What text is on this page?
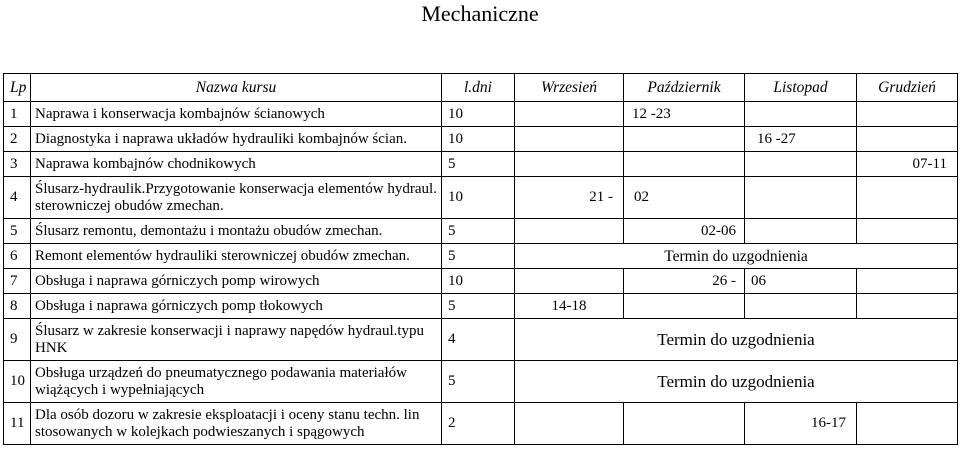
Mechaniczne
Lp	Nazwa kursu	l.dni	Wrzesień	Październik	Listopad	Grudzień
1	Naprawa i konserwacja kombajnów ścianowych	10		12 -23		
2	Diagnostyka i naprawa układów hydrauliki kombajnów ścian.	10			16 -27	
3	Naprawa kombajnów chodnikowych	5				07-11
4	Ślusarz-hydraulik.Przygotowanie konserwacja elementów hydraul. sterowniczej obudów zmechan.	10	21 -	02		
5	Ślusarz remontu, demontażu i montażu obudów zmechan.	5		02-06		
6	Remont elementów hydrauliki sterowniczej obudów zmechan.	5	Termin do uzgodnienia			
7	Obsługa i naprawa górniczych pomp wirowych	10		26 -	06	
8	Obsługa i naprawa górniczych pomp tłokowych	5	14-18			
9	Ślusarz w zakresie konserwacji i naprawy napędów hydraul.typu HNK	4	Termin do uzgodnienia			
10	Obsługa urządzeń do pneumatycznego podawania materiałów wiążących i wypełniających	5	Termin do uzgodnienia			
11	Dla osób dozoru w zakresie eksploatacji i oceny stanu techn. lin stosowanych w kolejkach podwieszanych i spągowych	2			16-17	
